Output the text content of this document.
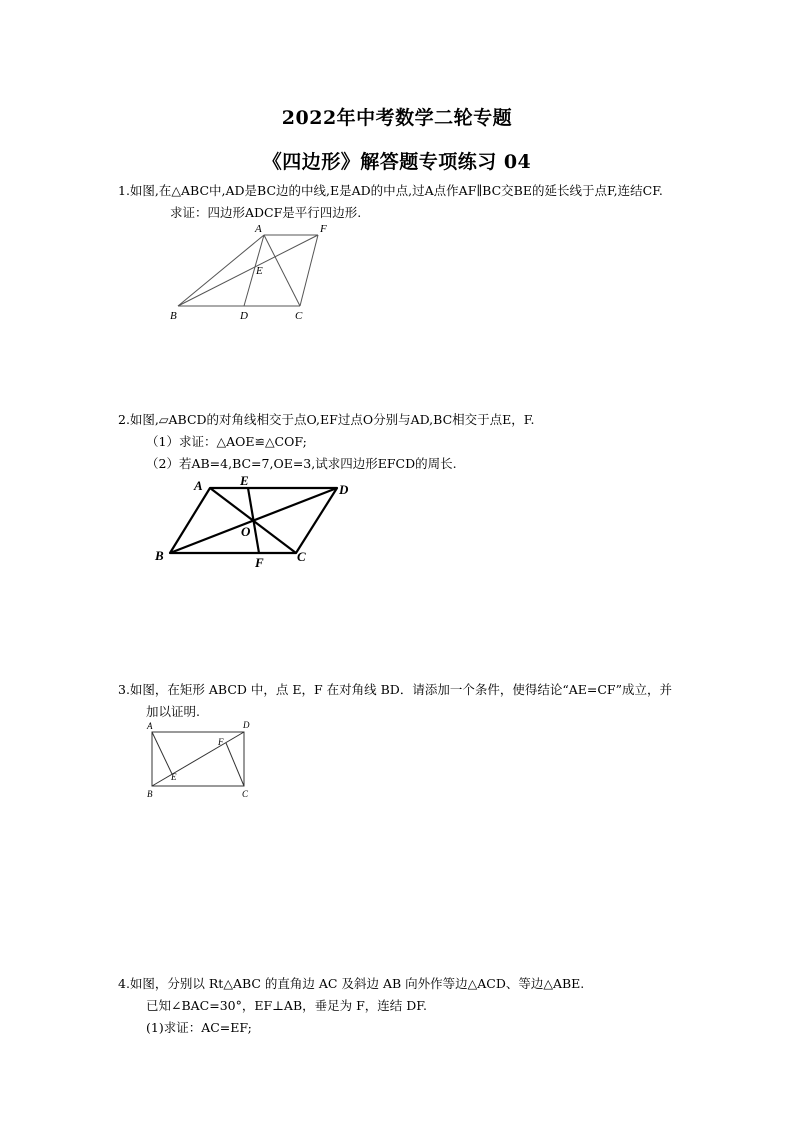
2022年中考数学二轮专题
《四边形》解答题专项练习 04
1.如图,在△ABC中,AD是BC边的中线,E是AD的中点,过A点作AF∥BC交BE的延长线于点F,连结CF.
求证：四边形ADCF是平行四边形.
A	F
E
B	D	C
2.如图,▱ABCD的对角线相交于点O,EF过点O分别与AD,BC相交于点E，F.
（1）求证：△AOE≌△COF;
（2）若AB=4,BC=7,OE=3,试求四边形EFCD的周长.
A	E
D
O
B	F	C
3.如图，在矩形 ABCD 中，点 E，F 在对角线 BD．请添加一个条件，使得结论“AE=CF”成立，并
加以证明.
A	D
F
E
B	C
4.如图，分别以 Rt△ABC 的直角边 AC 及斜边 AB 向外作等边△ACD、等边△ABE.
已知∠BAC=30°，EF⊥AB，垂足为 F，连结 DF.
(1)求证：AC=EF;
